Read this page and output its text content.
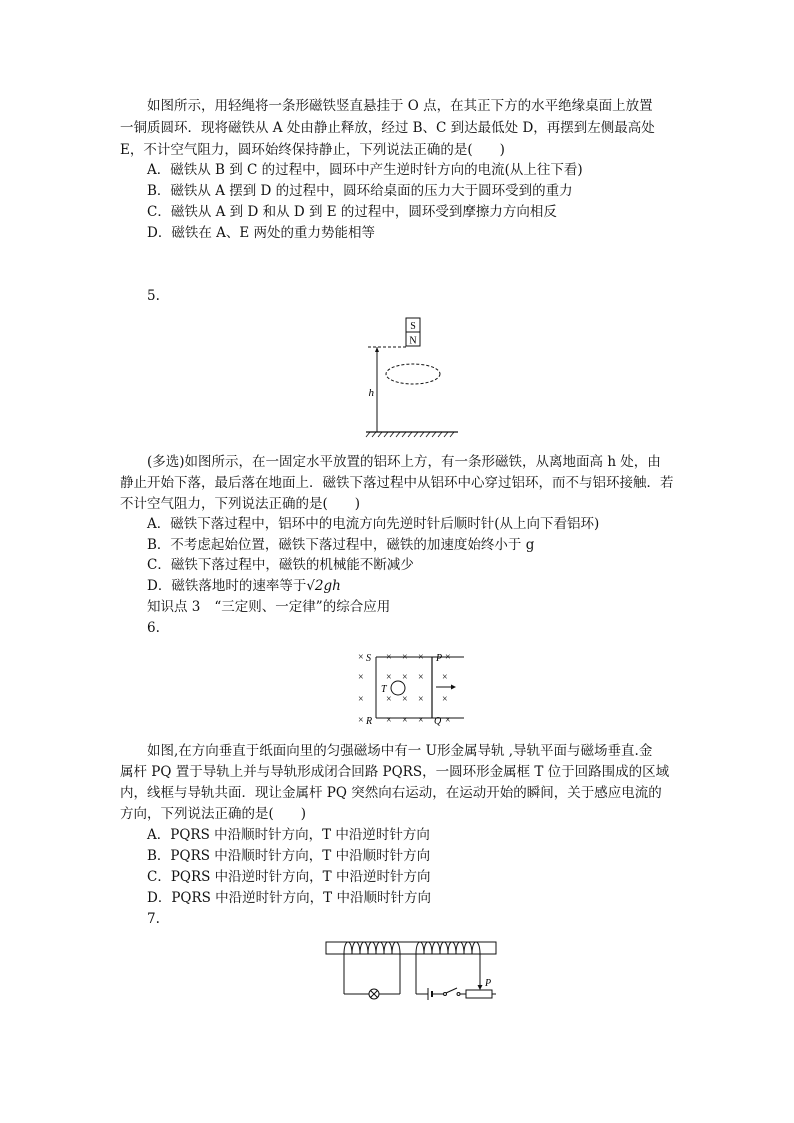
如图所示，用轻绳将一条形磁铁竖直悬挂于 O 点，在其正下方的水平绝缘桌面上放置
一铜质圆环．现将磁铁从 A 处由静止释放，经过 B、C 到达最低处 D，再摆到左侧最高处
E，不计空气阻力，圆环始终保持静止，下列说法正确的是(　　)
A．磁铁从 B 到 C 的过程中，圆环中产生逆时针方向的电流(从上往下看)
B．磁铁从 A 摆到 D 的过程中，圆环给桌面的压力大于圆环受到的重力
C．磁铁从 A 到 D 和从 D 到 E 的过程中，圆环受到摩擦力方向相反
D．磁铁在 A、E 两处的重力势能相等
5.
S
N
h
(多选)如图所示，在一固定水平放置的铝环上方，有一条形磁铁，从离地面高 h 处，由
静止开始下落，最后落在地面上．磁铁下落过程中从铝环中心穿过铝环，而不与铝环接触．若
不计空气阻力，下列说法正确的是(　　)
A．磁铁下落过程中，铝环中的电流方向先逆时针后顺时针(从上向下看铝环)
B．不考虑起始位置，磁铁下落过程中，磁铁的加速度始终小于 g
C．磁铁下落过程中，磁铁的机械能不断减少
D．磁铁落地时的速率等于√2gh
知识点 3 “三定则、一定律”的综合应用
6.
S	P
R	Q
T
× × × × ×
× × × × ×
× × × × ×
× × × × ×
如图,在方向垂直于纸面向里的匀强磁场中有一 U形金属导轨 ,导轨平面与磁场垂直.金
属杆 PQ 置于导轨上并与导轨形成闭合回路 PQRS，一圆环形金属框 T 位于回路围成的区域
内，线框与导轨共面．现让金属杆 PQ 突然向右运动，在运动开始的瞬间，关于感应电流的
方向，下列说法正确的是(　　)
A．PQRS 中沿顺时针方向，T 中沿逆时针方向
B．PQRS 中沿顺时针方向，T 中沿顺时针方向
C．PQRS 中沿逆时针方向，T 中沿逆时针方向
D．PQRS 中沿逆时针方向，T 中沿顺时针方向
7.
P
